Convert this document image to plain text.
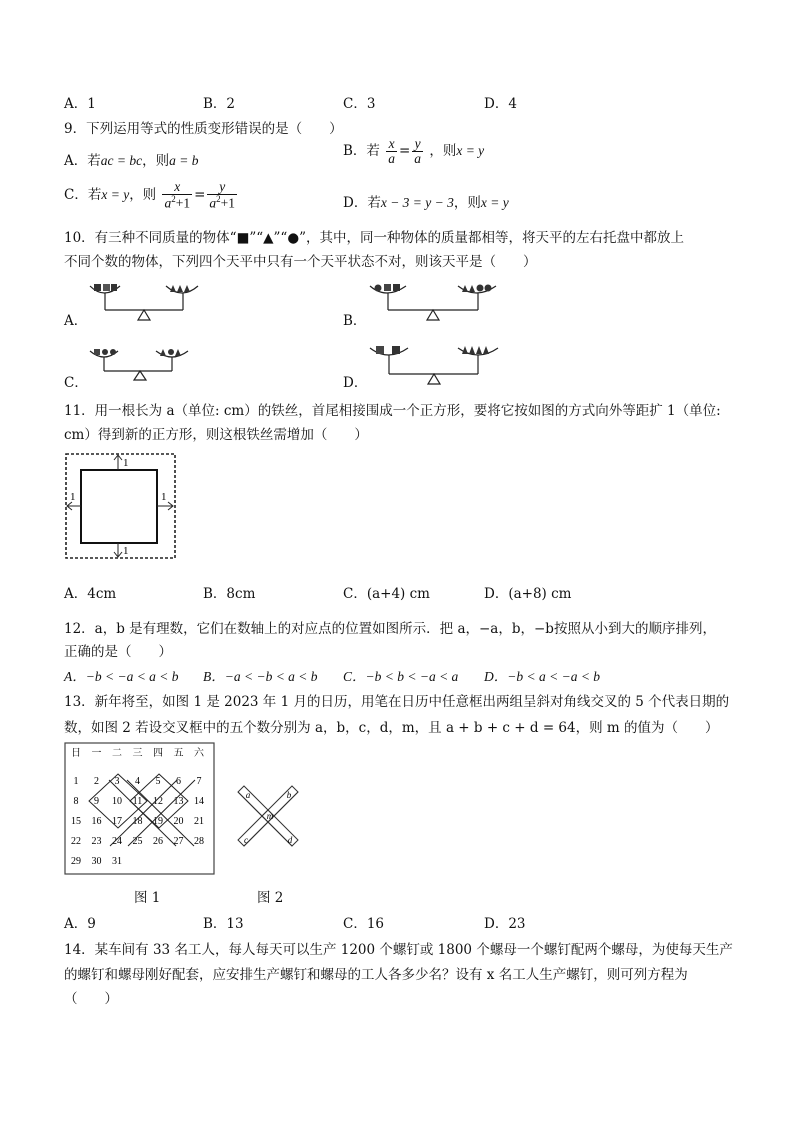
A．1	B．2	C．3	D．4
9．下列运用等式的性质变形错误的是（　　）
A．若ac = bc，则a = b
B．若 $\frac{x}{a} = \frac{y}{a}$ ，则x = y
C．若x = y，则 $\frac{x}{a^2+1} = \frac{y}{a^2+1}$	D．若x − 3 = y − 3，则x = y
10．有三种不同质量的物体“■”“▲”“●”，其中，同一种物体的质量都相等，将天平的左右托盘中都放上
不同个数的物体，下列四个天平中只有一个天平状态不对，则该天平是（　　）
A．	B．
C．	D．
11．用一根长为 a（单位: cm）的铁丝，首尾相接围成一个正方形，要将它按如图的方式向外等距扩 1（单位:
cm）得到新的正方形，则这根铁丝需增加（　　）
1
1
1	1
A．4cm	B．8cm	C．(a+4) cm	D．(a+8) cm
12．a，b 是有理数，它们在数轴上的对应点的位置如图所示．把 a，−a，b，−b按照从小到大的顺序排列，
正确的是（　　）
A．−b < −a < a < b B．−a < −b < a < b C．−b < b < −a < a D．−b < a < −a < b
13．新年将至，如图 1 是 2023 年 1 月的日历，用笔在日历中任意框出两组呈斜对角线交叉的 5 个代表日期的
数，如图 2 若设交叉框中的五个数分别为 a，b，c，d，m，且 a + b + c + d = 64，则 m 的值为（　　）
日 一 二 三 四 五 六
1 2 3 4 5 6 7
8 9 10 11 12 13 14
15 16 17 18 19 20 21
22 23 24 25 26 27 28
29 30 31
a	b
m
c	d
图 1	图 2
A．9	B．13	C．16	D．23
14．某车间有 33 名工人，每人每天可以生产 1200 个螺钉或 1800 个螺母一个螺钉配两个螺母，为使每天生产
的螺钉和螺母刚好配套，应安排生产螺钉和螺母的工人各多少名？设有 x 名工人生产螺钉，则可列方程为
（　　）
